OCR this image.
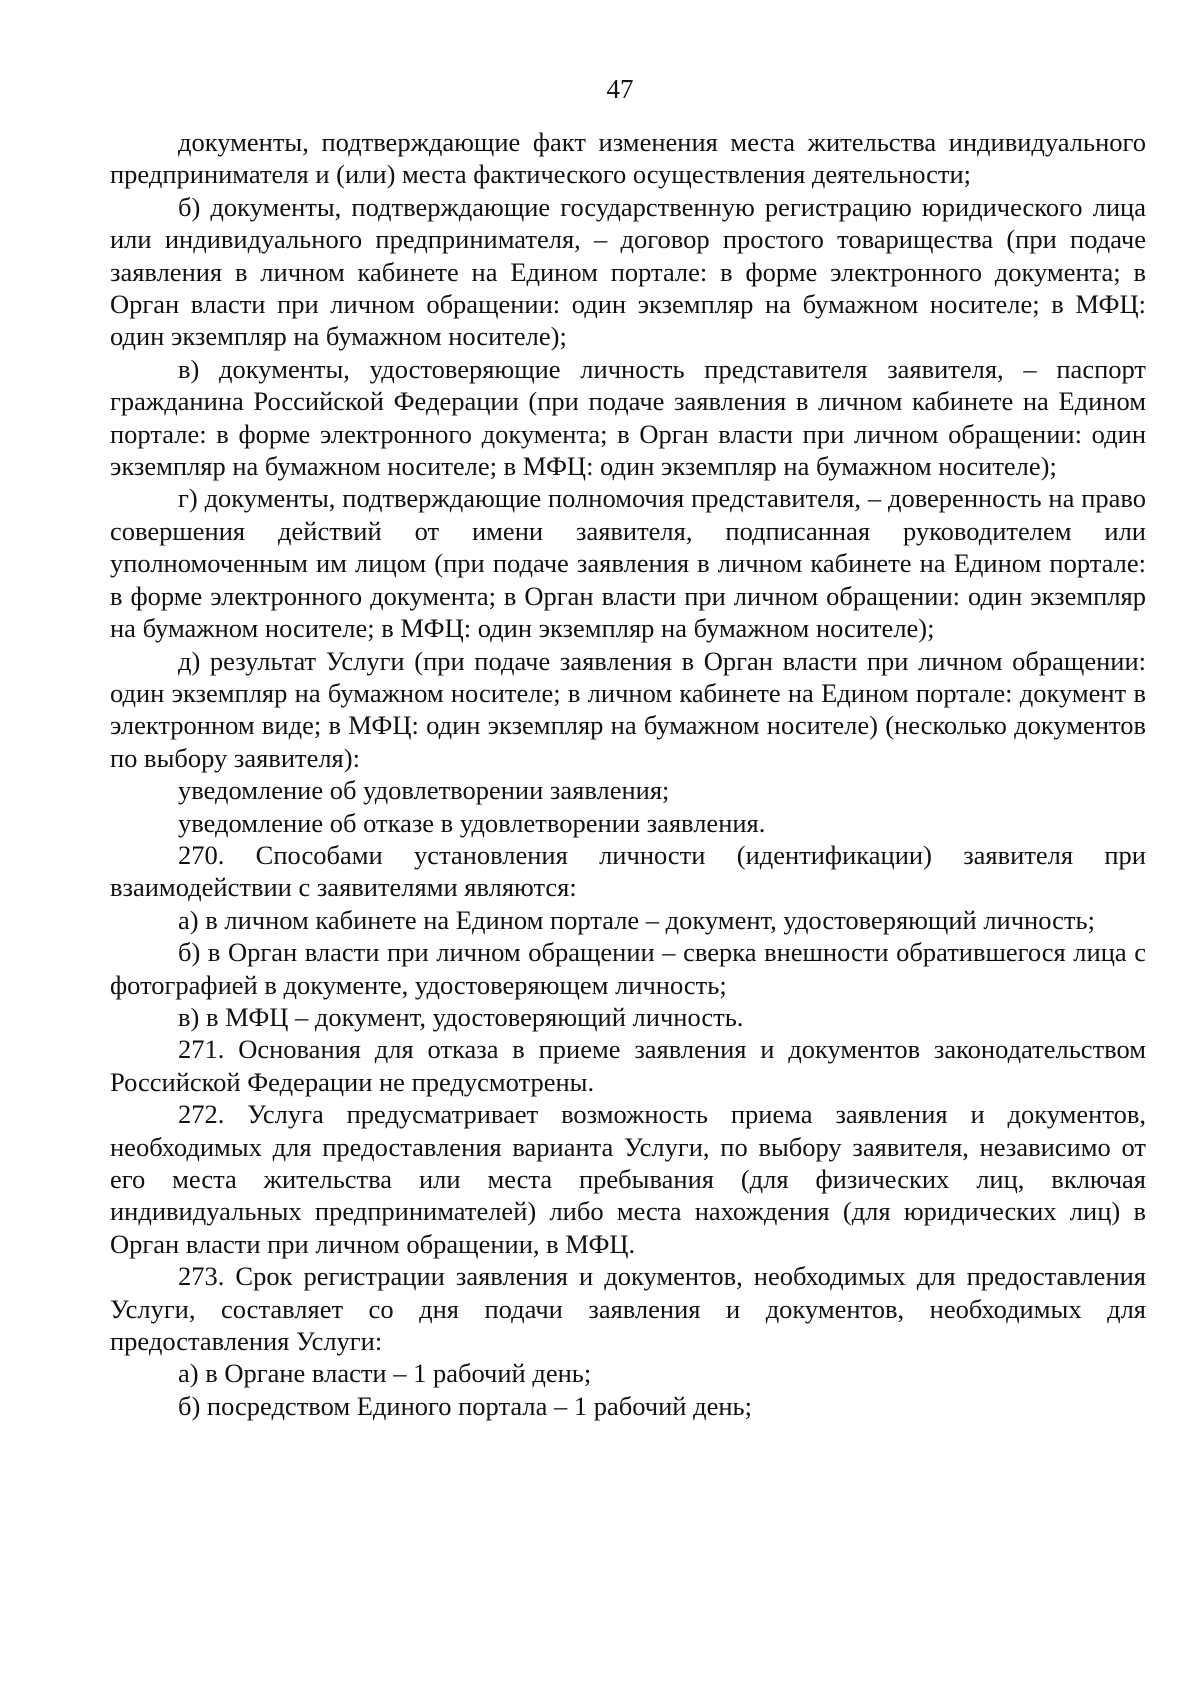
47

документы, подтверждающие факт изменения места жительства индивидуального предпринимателя и (или) места фактического осуществления деятельности;

б) документы, подтверждающие государственную регистрацию юридического лица или индивидуального предпринимателя, – договор простого товарищества (при подаче заявления в личном кабинете на Едином портале: в форме электронного документа; в Орган власти при личном обращении: один экземпляр на бумажном носителе; в МФЦ: один экземпляр на бумажном носителе);

в) документы, удостоверяющие личность представителя заявителя, – паспорт гражданина Российской Федерации (при подаче заявления в личном кабинете на Едином портале: в форме электронного документа; в Орган власти при личном обращении: один экземпляр на бумажном носителе; в МФЦ: один экземпляр на бумажном носителе);

г) документы, подтверждающие полномочия представителя, – доверенность на право совершения действий от имени заявителя, подписанная руководителем или уполномоченным им лицом (при подаче заявления в личном кабинете на Едином портале: в форме электронного документа; в Орган власти при личном обращении: один экземпляр на бумажном носителе; в МФЦ: один экземпляр на бумажном носителе);

д) результат Услуги (при подаче заявления в Орган власти при личном обращении: один экземпляр на бумажном носителе; в личном кабинете на Едином портале: документ в электронном виде; в МФЦ: один экземпляр на бумажном носителе) (несколько документов по выбору заявителя):

уведомление об удовлетворении заявления;

уведомление об отказе в удовлетворении заявления.

270. Способами установления личности (идентификации) заявителя при взаимодействии с заявителями являются:

а) в личном кабинете на Едином портале – документ, удостоверяющий личность;

б) в Орган власти при личном обращении – сверка внешности обратившегося лица с фотографией в документе, удостоверяющем личность;

в) в МФЦ – документ, удостоверяющий личность.

271. Основания для отказа в приеме заявления и документов законодательством Российской Федерации не предусмотрены.

272. Услуга предусматривает возможность приема заявления и документов, необходимых для предоставления варианта Услуги, по выбору заявителя, независимо от его места жительства или места пребывания (для физических лиц, включая индивидуальных предпринимателей) либо места нахождения (для юридических лиц) в Орган власти при личном обращении, в МФЦ.

273. Срок регистрации заявления и документов, необходимых для предоставления Услуги, составляет со дня подачи заявления и документов, необходимых для предоставления Услуги:

а) в Органе власти – 1 рабочий день;

б) посредством Единого портала – 1 рабочий день;
